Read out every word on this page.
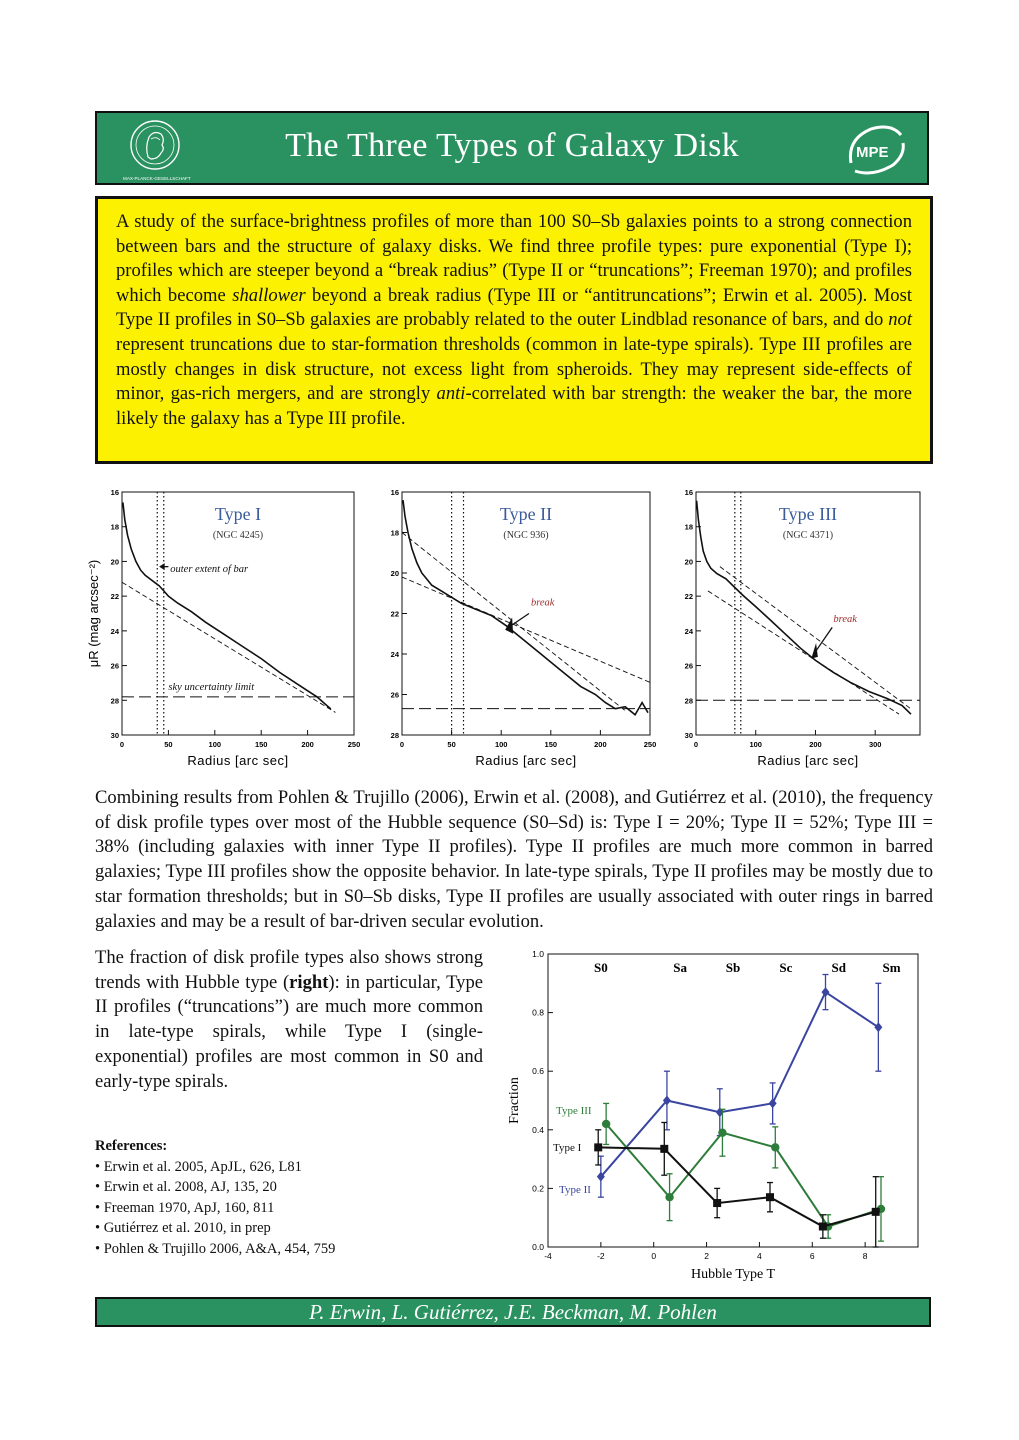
MAX-PLANCK-GESELLSCHAFT
The Three Types of Galaxy Disk	MPE
A study of the surface-brightness profiles of more than 100 S0–Sb galaxies points to a strong connection between bars and the structure of galaxy disks. We find three profile types: pure exponential (Type I); profiles which are steeper beyond a “break radius” (Type II or “truncations”; Freeman 1970); and profiles which become shallower beyond a break radius (Type III or “antitruncations”; Erwin et al. 2005). Most Type II profiles in S0–Sb galaxies are probably related to the outer Lindblad resonance of bars, and do not represent truncations due to star-formation thresholds (common in late-type spirals). Type III profiles are mostly changes in disk structure, not excess light from spheroids. They may represent side-effects of minor, gas-rich mergers, and are strongly anti-correlated with bar strength: the weaker the bar, the more likely the galaxy has a Type III profile.
0	50	100	150	200	250
16
18
20
22
24
26
28
30
Radius [arc sec]
μR (mag arcsec⁻²)
Type I
(NGC 4245)
outer extent of bar
sky uncertainty limit
0	50	100	150	200	250
16
18
20
22
24
26
28
Radius [arc sec]
Type II
(NGC 936)
break
0	100	200	300
16
18
20
22
24
26
28
30
Radius [arc sec]
Type III
(NGC 4371)
break
Combining results from Pohlen & Trujillo (2006), Erwin et al. (2008), and Gutiérrez et al. (2010), the frequency of disk profile types over most of the Hubble sequence (S0–Sd) is: Type I = 20%; Type II = 52%; Type III = 38% (including galaxies with inner Type II profiles). Type II profiles are much more common in barred galaxies; Type III profiles show the opposite behavior. In late-type spirals, Type II profiles may be mostly due to star formation thresholds; but in S0–Sb disks, Type II profiles are usually associated with outer rings in barred galaxies and may be a result of bar-driven secular evolution.
The fraction of disk profile types also shows strong trends with Hubble type (right): in particular, Type II profiles (“truncations”) are much more common in late-type spirals, while Type I (single-exponential) profiles are most common in S0 and early-type spirals.
References:
• Erwin et al. 2005, ApJL, 626, L81
• Erwin et al. 2008, AJ, 135, 20
• Freeman 1970, ApJ, 160, 811
• Gutiérrez et al. 2010, in prep
• Pohlen & Trujillo 2006, A&A, 454, 759	-4	-2	0	2	4	6	8
0.0
0.2
0.4
0.6
0.8
1.0
Hubble Type T
Fraction
S0	Sa	Sb	Sc	Sd	Sm
Type III
Type I
Type II
P. Erwin, L. Gutiérrez, J.E. Beckman, M. Pohlen
